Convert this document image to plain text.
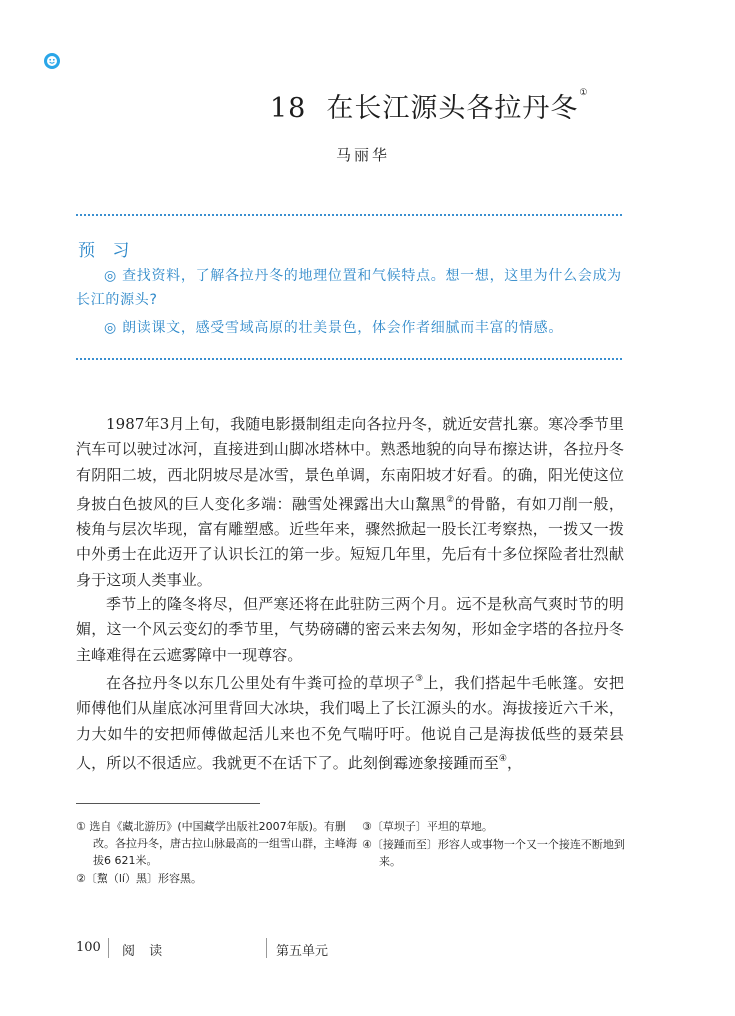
18 在长江源头各拉丹冬①
马丽华
预 习
◎ 查找资料，了解各拉丹冬的地理位置和气候特点。想一想，这里为什么会成为长江的源头?
◎ 朗读课文，感受雪域高原的壮美景色，体会作者细腻而丰富的情感。
1987年3月上旬，我随电影摄制组走向各拉丹冬，就近安营扎寨。寒冷季节里汽车可以驶过冰河，直接进到山脚冰塔林中。熟悉地貌的向导布擦达讲，各拉丹冬有阴阳二坡，西北阴坡尽是冰雪，景色单调，东南阳坡才好看。的确，阳光使这位身披白色披风的巨人变化多端：融雪处裸露出大山黧黑②的骨骼，有如刀削一般，棱角与层次毕现，富有雕塑感。近些年来，骤然掀起一股长江考察热，一拨又一拨中外勇士在此迈开了认识长江的第一步。短短几年里，先后有十多位探险者壮烈献身于这项人类事业。
季节上的隆冬将尽，但严寒还将在此驻防三两个月。远不是秋高气爽时节的明媚，这一个风云变幻的季节里，气势磅礴的密云来去匆匆，形如金字塔的各拉丹冬主峰难得在云遮雾障中一现尊容。
在各拉丹冬以东几公里处有牛粪可捡的草坝子③上，我们搭起牛毛帐篷。安把师傅他们从崖底冰河里背回大冰块，我们喝上了长江源头的水。海拔接近六千米，力大如牛的安把师傅做起活儿来也不免气喘吁吁。他说自己是海拔低些的聂荣县人，所以不很适应。我就更不在话下了。此刻倒霉迹象接踵而至④，
① 选自《藏北游历》(中国藏学出版社2007年版)。有删改。各拉丹冬，唐古拉山脉最高的一组雪山群，主峰海拔6 621米。
②〔黧（lí）黑〕形容黑。
③〔草坝子〕平坦的草地。
④〔接踵而至〕形容人或事物一个又一个接连不断地到来。
100 阅 读	第五单元
